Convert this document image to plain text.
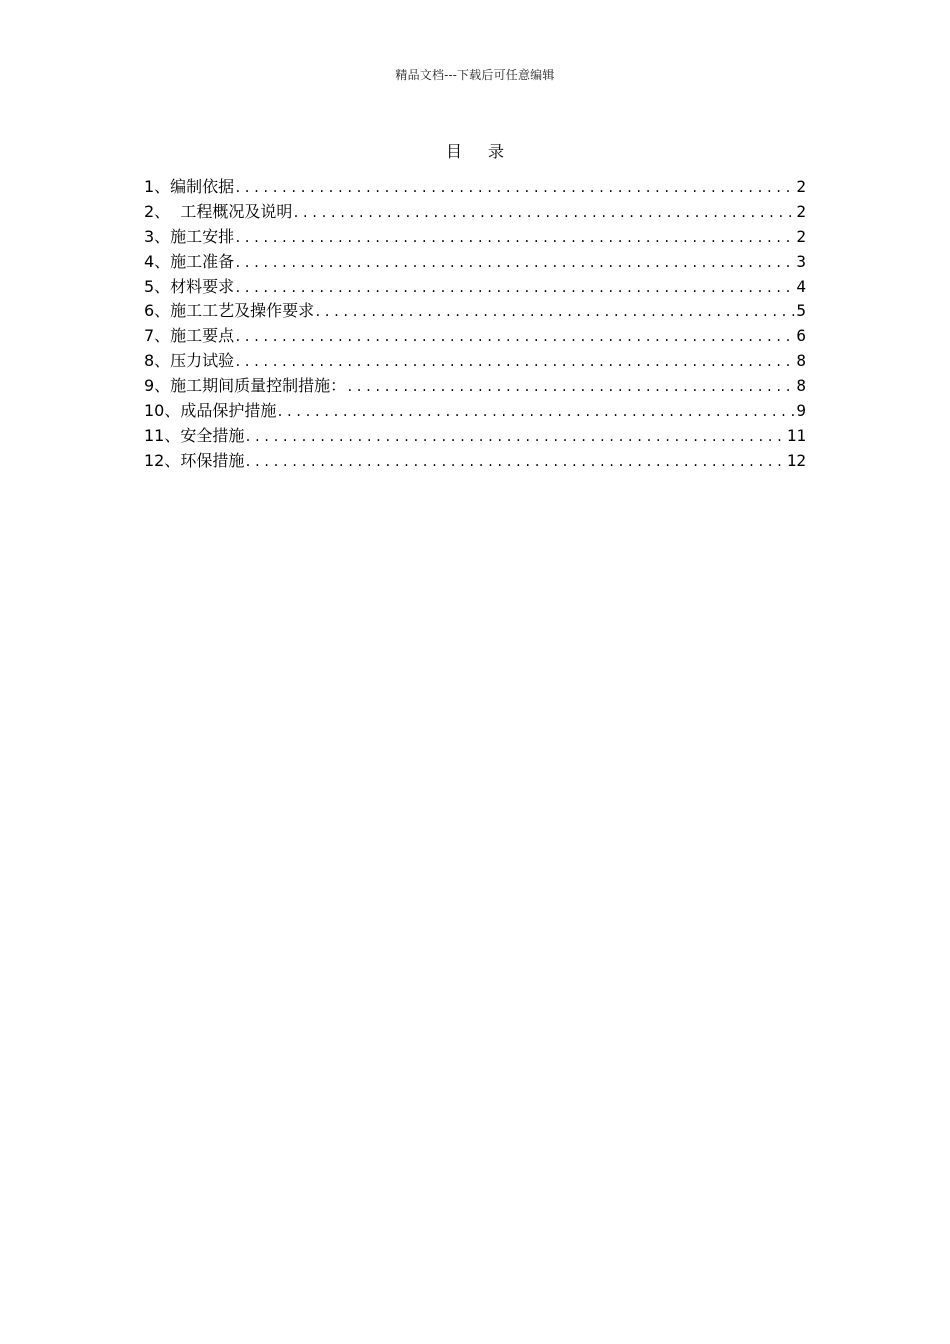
精品文档---下载后可任意编辑
目录
1、编制依据 .....	2
2、  工程概况及说明 .....	2
3、施工安排 .....	2
4、施工准备 .....	3
5、材料要求 .....	4
6、施工工艺及操作要求 .....	5
7、施工要点 .....	6
8、压力试验 .....	8
9、施工期间质量控制措施： .....	8
10、成品保护措施 .....	9
11、安全措施 .....	11
12、环保措施 .....	12
